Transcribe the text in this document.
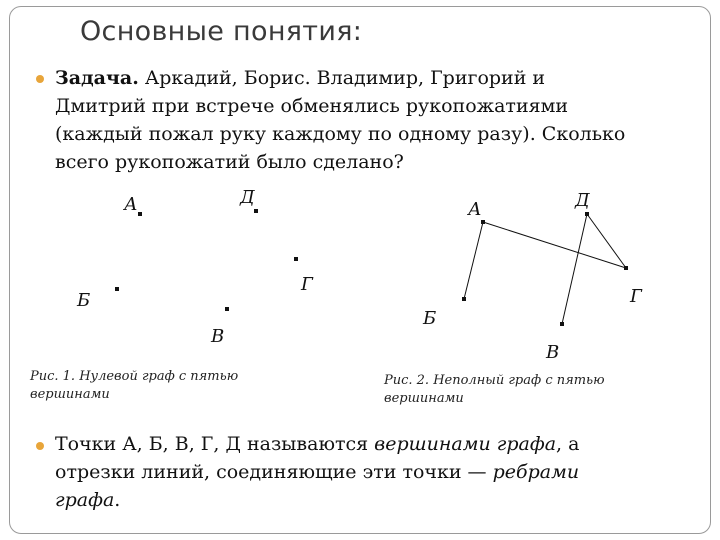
Основные понятия:
Задача. Аркадий, Борис. Владимир, Григорий и
Дмитрий при встрече обменялись рукопожатиями
(каждый пожал руку каждому по одному разу). Сколько
всего рукопожатий было сделано?
А	Д
Г
Б
В
А	Д
Г
Б
В
Рис. 1. Нулевой граф с пятью
вершинами
Рис. 2. Неполный граф с пятью
вершинами
Точки А, Б, В, Г, Д называются вершинами графа, а
отрезки линий, соединяющие эти точки — ребрами
графа.
